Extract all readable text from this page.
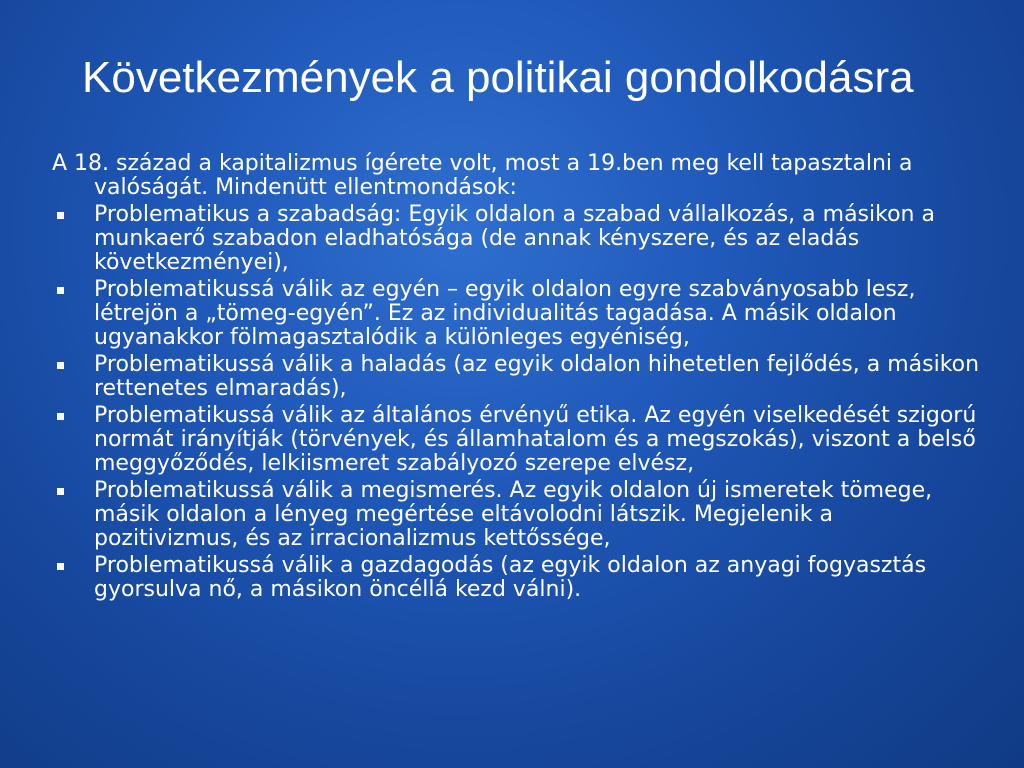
Következmények a politikai gondolkodásra

A 18. század a kapitalizmus ígérete volt, most a 19.ben meg kell tapasztalni a valóságát. Mindenütt ellentmondások:

Problematikus a szabadság: Egyik oldalon a szabad vállalkozás, a másikon a munkaerő szabadon eladhatósága (de annak kényszere, és az eladás következményei),
Problematikussá válik az egyén – egyik oldalon egyre szabványosabb lesz, létrejön a „tömeg-egyén”. Ez az individualitás tagadása. A másik oldalon ugyanakkor fölmagasztalódik a különleges egyéniség,
Problematikussá válik a haladás (az egyik oldalon hihetetlen fejlődés, a másikon rettenetes elmaradás),
Problematikussá válik az általános érvényű etika. Az egyén viselkedését szigorú normát irányítják (törvények, és államhatalom és a megszokás), viszont a belső meggyőződés, lelkiismeret szabályozó szerepe elvész,
Problematikussá válik a megismerés. Az egyik oldalon új ismeretek tömege, másik oldalon a lényeg megértése eltávolodni látszik. Megjelenik a pozitivizmus, és az irracionalizmus kettőssége,
Problematikussá válik a gazdagodás (az egyik oldalon az anyagi fogyasztás gyorsulva nő, a másikon öncéllá kezd válni).
